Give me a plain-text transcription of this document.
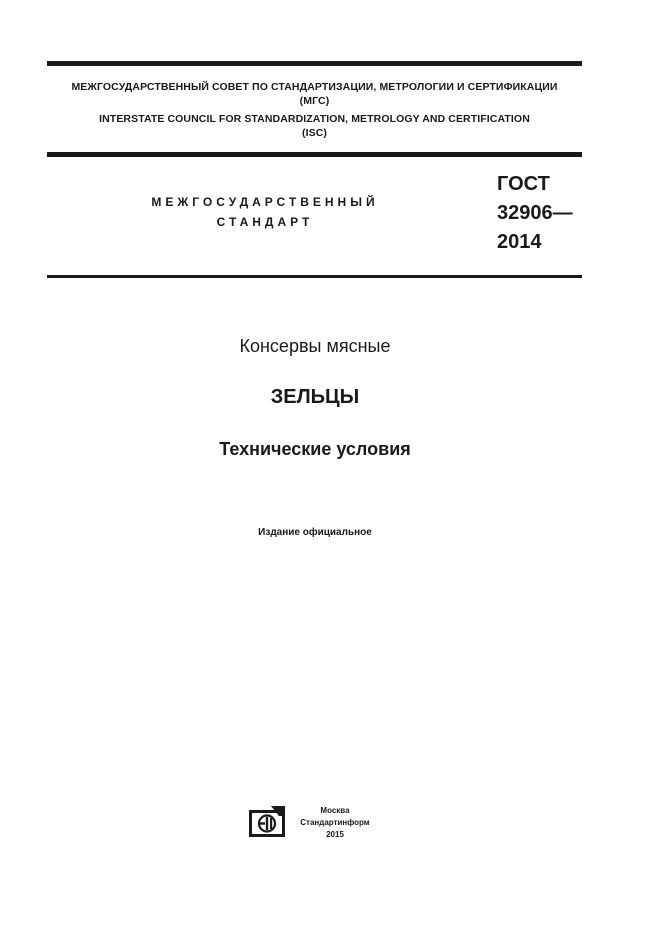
МЕЖГОСУДАРСТВЕННЫЙ СОВЕТ ПО СТАНДАРТИЗАЦИИ, МЕТРОЛОГИИ И СЕРТИФИКАЦИИ
(МГС)
INTERSTATE COUNCIL FOR STANDARDIZATION, METROLOGY AND CERTIFICATION
(ISC)
МЕЖГОСУДАРСТВЕННЫЙ
СТАНДАРТ
ГОСТ
32906—
2014
Консервы мясные
ЗЕЛЬЦЫ
Технические условия
Издание официальное
Москва
Стандартинформ
2015
